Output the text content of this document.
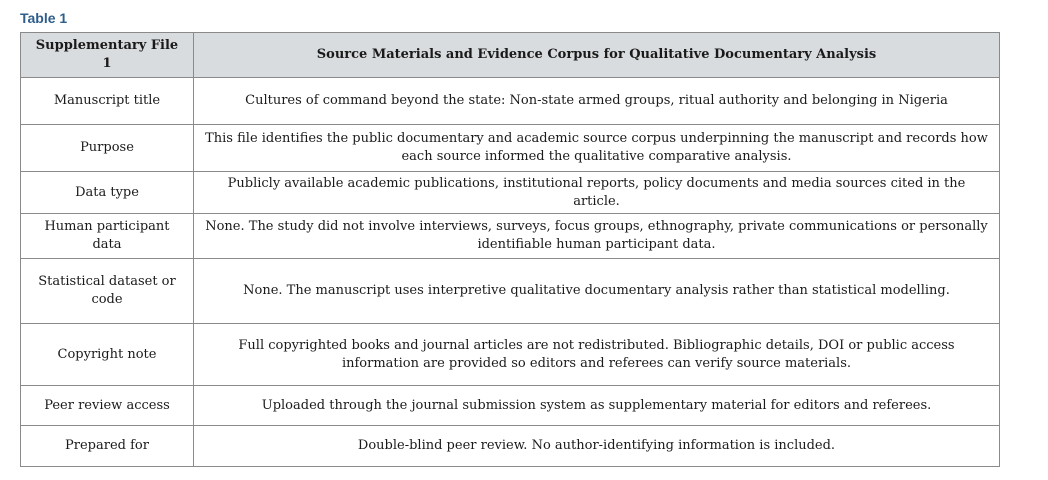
Table 1
Supplementary File 1	Source Materials and Evidence Corpus for Qualitative Documentary Analysis
Manuscript title	Cultures of command beyond the state: Non-state armed groups, ritual authority and belonging in Nigeria
Purpose	This file identifies the public documentary and academic source corpus underpinning the manuscript and records how each source informed the qualitative comparative analysis.
Data type	Publicly available academic publications, institutional reports, policy documents and media sources cited in the article.
Human participant data	None. The study did not involve interviews, surveys, focus groups, ethnography, private communications or personally identifiable human participant data.
Statistical dataset or code	None. The manuscript uses interpretive qualitative documentary analysis rather than statistical modelling.
Copyright note	Full copyrighted books and journal articles are not redistributed. Bibliographic details, DOI or public access information are provided so editors and referees can verify source materials.
Peer review access	Uploaded through the journal submission system as supplementary material for editors and referees.
Prepared for	Double-blind peer review. No author-identifying information is included.
